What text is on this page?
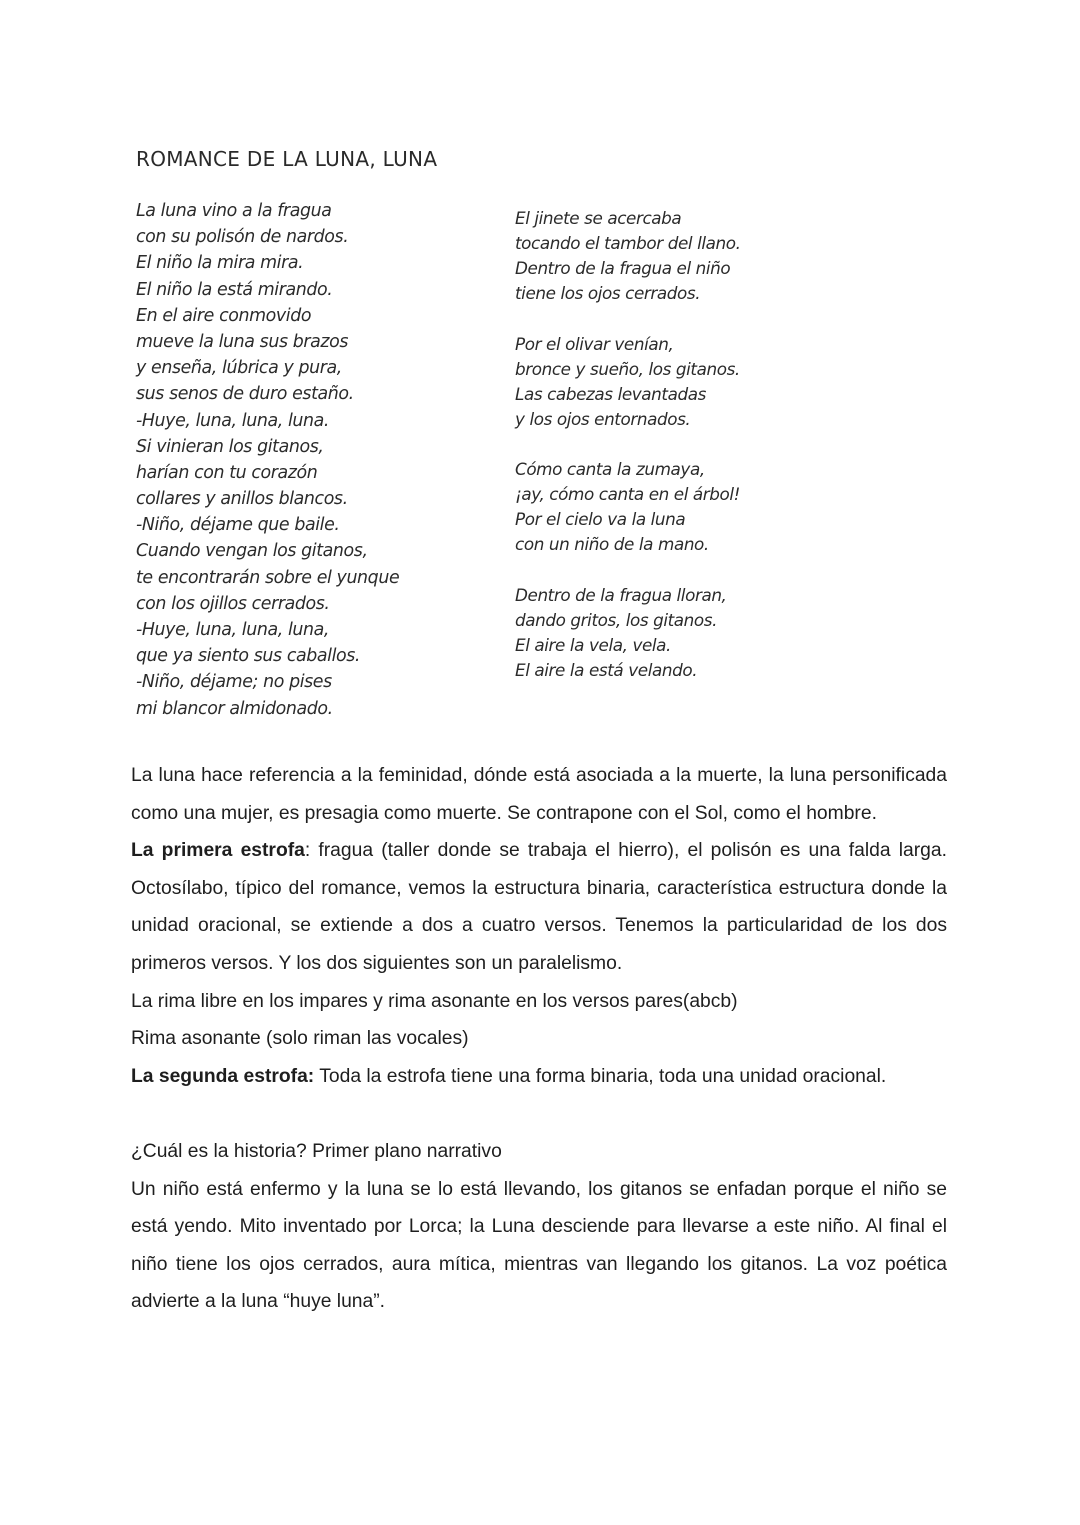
ROMANCE DE LA LUNA, LUNA
La luna vino a la fragua
con su polisón de nardos.
El niño la mira mira.
El niño la está mirando.
En el aire conmovido
mueve la luna sus brazos
y enseña, lúbrica y pura,
sus senos de duro estaño.
-Huye, luna, luna, luna.
Si vinieran los gitanos,
harían con tu corazón
collares y anillos blancos.
-Niño, déjame que baile.
Cuando vengan los gitanos,
te encontrarán sobre el yunque
con los ojillos cerrados.
-Huye, luna, luna, luna,
que ya siento sus caballos.
-Niño, déjame; no pises
mi blancor almidonado.
El jinete se acercaba
tocando el tambor del llano.
Dentro de la fragua el niño
tiene los ojos cerrados.
Por el olivar venían,
bronce y sueño, los gitanos.
Las cabezas levantadas
y los ojos entornados.
Cómo canta la zumaya,
¡ay, cómo canta en el árbol!
Por el cielo va la luna
con un niño de la mano.
Dentro de la fragua lloran,
dando gritos, los gitanos.
El aire la vela, vela.
El aire la está velando.

La luna hace referencia a la feminidad, dónde está asociada a la muerte, la luna personificada como una mujer, es presagia como muerte. Se contrapone con el Sol, como el hombre.

La primera estrofa: fragua (taller donde se trabaja el hierro), el polisón es una falda larga. Octosílabo, típico del romance, vemos la estructura binaria, característica estructura donde la unidad oracional, se extiende a dos a cuatro versos. Tenemos la particularidad de los dos primeros versos. Y los dos siguientes son un paralelismo.

La rima libre en los impares y rima asonante en los versos pares(abcb)

Rima asonante (solo riman las vocales)

La segunda estrofa: Toda la estrofa tiene una forma binaria, toda una unidad oracional.

¿Cuál es la historia? Primer plano narrativo

Un niño está enfermo y la luna se lo está llevando, los gitanos se enfadan porque el niño se está yendo. Mito inventado por Lorca; la Luna desciende para llevarse a este niño. Al final el niño tiene los ojos cerrados, aura mítica, mientras van llegando los gitanos. La voz poética advierte a la luna “huye luna”.
